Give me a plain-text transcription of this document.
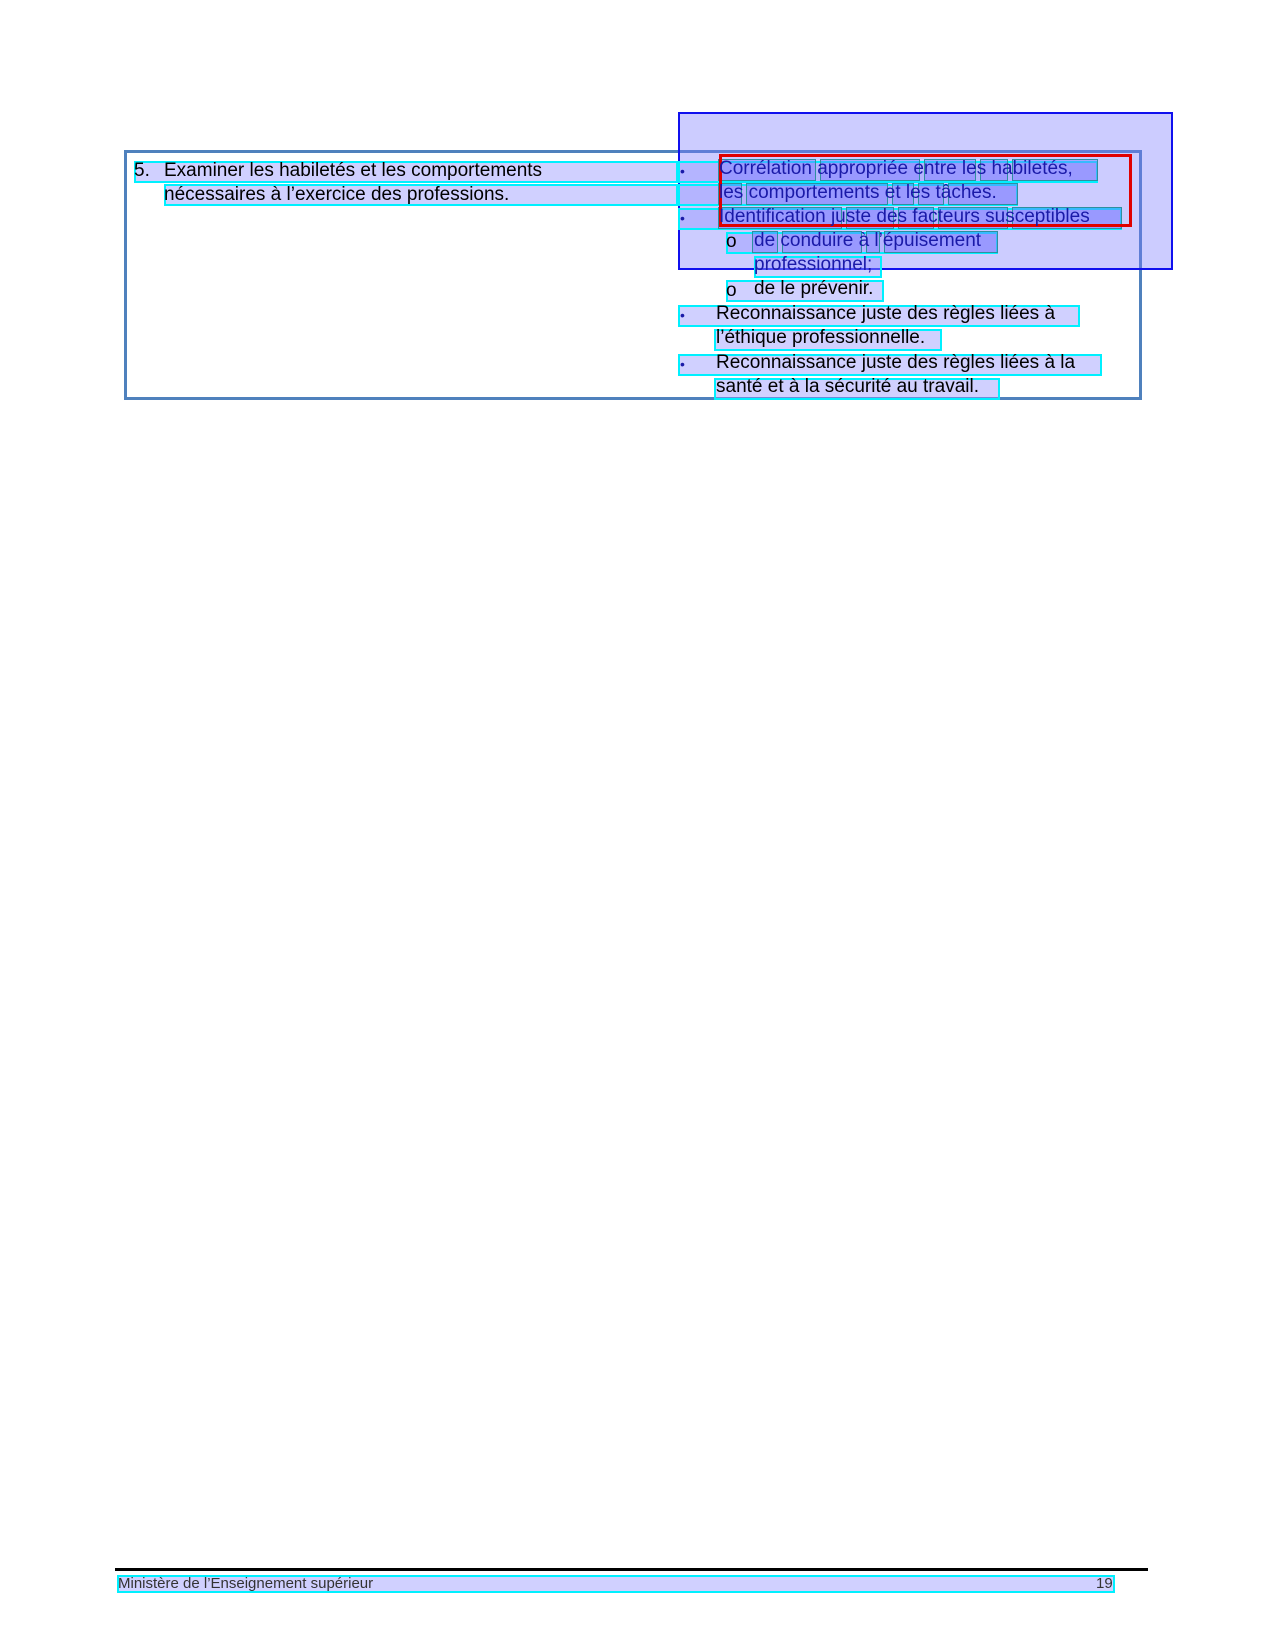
5. Examiner les habiletés et les comportements
nécessaires à l’exercice des professions.
•
•
o
o
•
•
Corrélation appropriée entre les habiletés,
les comportements et les tâches.
Identification juste des facteurs susceptibles
de conduire à l’épuisement
professionnel;
de le prévenir.
Reconnaissance juste des règles liées à
l’éthique professionnelle.
Reconnaissance juste des règles liées à la
santé et à la sécurité au travail.
Ministère de l’Enseignement supérieur	19
